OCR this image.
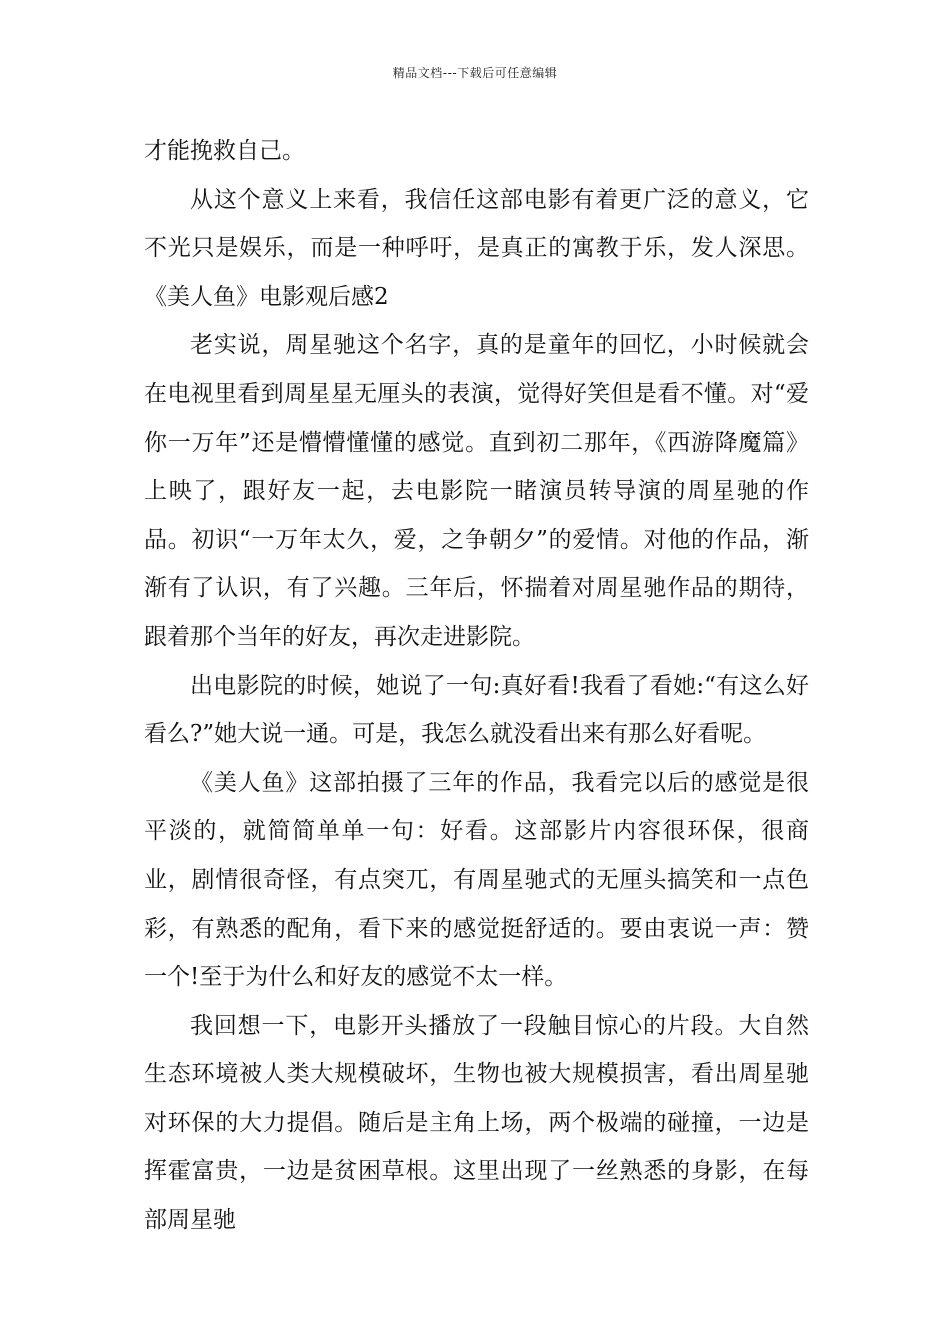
精品文档---下载后可任意编辑

才能挽救自己。

从这个意义上来看，我信任这部电影有着更广泛的意义，它不光只是娱乐，而是一种呼吁，是真正的寓教于乐，发人深思。《美人鱼》电影观后感2

老实说，周星驰这个名字，真的是童年的回忆，小时候就会在电视里看到周星星无厘头的表演，觉得好笑但是看不懂。对“爱你一万年”还是懵懵懂懂的感觉。直到初二那年，《西游降魔篇》上映了，跟好友一起，去电影院一睹演员转导演的周星驰的作品。初识“一万年太久，爱，之争朝夕”的爱情。对他的作品，渐渐有了认识，有了兴趣。三年后，怀揣着对周星驰作品的期待，跟着那个当年的好友，再次走进影院。

出电影院的时候，她说了一句:真好看!我看了看她:“有这么好看么?”她大说一通。可是，我怎么就没看出来有那么好看呢。

《美人鱼》这部拍摄了三年的作品，我看完以后的感觉是很平淡的，就简简单单一句：好看。这部影片内容很环保，很商业，剧情很奇怪，有点突兀，有周星驰式的无厘头搞笑和一点色彩，有熟悉的配角，看下来的感觉挺舒适的。要由衷说一声：赞一个!至于为什么和好友的感觉不太一样。

我回想一下，电影开头播放了一段触目惊心的片段。大自然生态环境被人类大规模破坏，生物也被大规模损害，看出周星驰对环保的大力提倡。随后是主角上场，两个极端的碰撞，一边是挥霍富贵，一边是贫困草根。这里出现了一丝熟悉的身影，在每部周星驰
